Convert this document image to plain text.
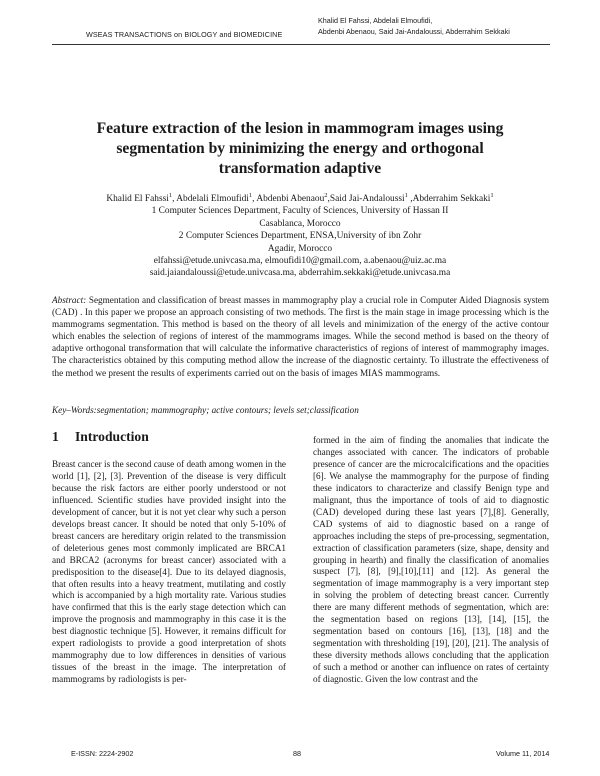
WSEAS TRANSACTIONS on BIOLOGY and BIOMEDICINE
Khalid El Fahssi, Abdelali Elmoufidi,
Abdenbi Abenaou, Said Jai-Andaloussi, Abderrahim Sekkaki
Feature extraction of the lesion in mammogram images using
segmentation by minimizing the energy and orthogonal
transformation adaptive
Khalid El Fahssi$^1$, Abdelali Elmoufidi$^1$, Abdenbi Abenaou$^2$,Said Jai-Andaloussi$^1$ ,Abderrahim Sekkaki$^1$
1 Computer Sciences Department, Faculty of Sciences, University of Hassan II
Casablanca, Morocco
2 Computer Sciences Department, ENSA,University of ibn Zohr
Agadir, Morocco
elfahssi@etude.univcasa.ma, elmoufidi10@gmail.com, a.abenaou@uiz.ac.ma
said.jaiandaloussi@etude.univcasa.ma, abderrahim.sekkaki@etude.univcasa.ma
Abstract: Segmentation and classification of breast masses in mammography play a crucial role in Computer Aided Diagnosis system (CAD) . In this paper we propose an approach consisting of two methods. The first is the main stage in image processing which is the mammograms segmentation. This method is based on the theory of all levels and minimization of the energy of the active contour which enables the selection of regions of interest of the mammograms images. While the second method is based on the theory of adaptive orthogonal transformation that will calculate the informative characteristics of regions of interest of mammography images. The characteristics obtained by this computing method allow the increase of the diagnostic certainty. To illustrate the effectiveness of the method we present the results of experiments carried out on the basis of images MIAS mammograms.
Key–Words:segmentation; mammography; active contours; levels set;classification
1 Introduction

Breast cancer is the second cause of death among women in the world [1], [2], [3]. Prevention of the disease is very difficult because the risk factors are either poorly understood or not influenced. Scientific studies have provided insight into the development of cancer, but it is not yet clear why such a person develops breast cancer. It should be noted that only 5-10% of breast cancers are hereditary origin related to the transmission of deleterious genes most commonly implicated are BRCA1 and BRCA2 (acronyms for breast cancer) associated with a predisposition to the disease[4]. Due to its delayed diagnosis, that often results into a heavy treatment, mutilating and costly which is accompanied by a high mortality rate. Various studies have confirmed that this is the early stage detection which can improve the prognosis and mammography in this case it is the best diagnostic technique [5]. However, it remains difficult for expert radiologists to provide a good interpretation of shots mammography due to low differences in densities of various tissues of the breast in the image. The interpretation of mammograms by radiologists is per-

formed in the aim of finding the anomalies that indicate the changes associated with cancer. The indicators of probable presence of cancer are the microcalcifications and the opacities [6]. We analyse the mammography for the purpose of finding these indicators to characterize and classify Benign type and malignant, thus the importance of tools of aid to diagnostic (CAD) developed during these last years [7],[8]. Generally, CAD systems of aid to diagnostic based on a range of approaches including the steps of pre-processing, segmentation, extraction of classification parameters (size, shape, density and grouping in hearth) and finally the classification of anomalies suspect [7], [8], [9],[10],[11] and [12]. As general the segmentation of image mammography is a very important step in solving the problem of detecting breast cancer. Currently there are many different methods of segmentation, which are: the segmentation based on regions [13], [14], [15], the segmentation based on contours [16], [13], [18] and the segmentation with thresholding [19], [20], [21]. The analysis of these diversity methods allows concluding that the application of such a method or another can influence on rates of certainty of diagnostic. Given the low contrast and the

E-ISSN: 2224-2902	88	Volume 11, 2014
